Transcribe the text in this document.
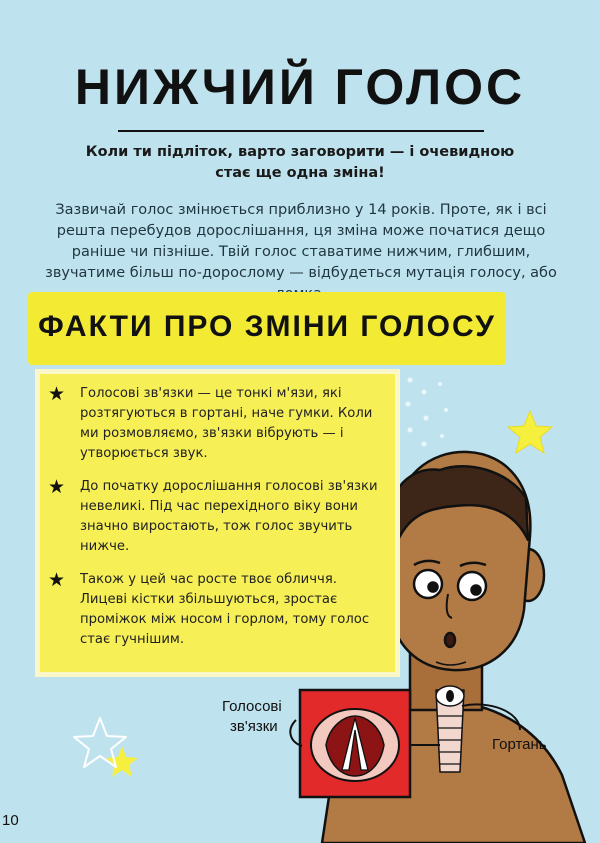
НИЖЧИЙ ГОЛОС
Коли ти підліток, варто заговорити — і очевидною стає ще одна зміна!
Зазвичай голос змінюється приблизно у 14 років. Проте, як і всі решта перебудов дорослішання, ця зміна може початися дещо раніше чи пізніше. Твій голос ставатиме нижчим, глибшим, звучатиме більш по-дорослому — відбудеться мутація голосу, або
ФАКТИ ПРО ЗМІНИ ГОЛОСУ
★ Голосові зв'язки — це тонкі м'язи, які розтягуються в гортані, наче гумки. Коли ми розмовляємо, зв'язки вібрують — і утворюється звук.
★ До початку дорослішання голосові зв'язки невеликі. Під час перехідного віку вони значно виростають, тож голос звучить нижче.
★ Також у цей час росте твоє обличчя. Лицеві кістки збільшуються, зростає проміжок між носом і горлом, тому голос стає гучнішим.
Голосові
зв'язки
Гортань
10
